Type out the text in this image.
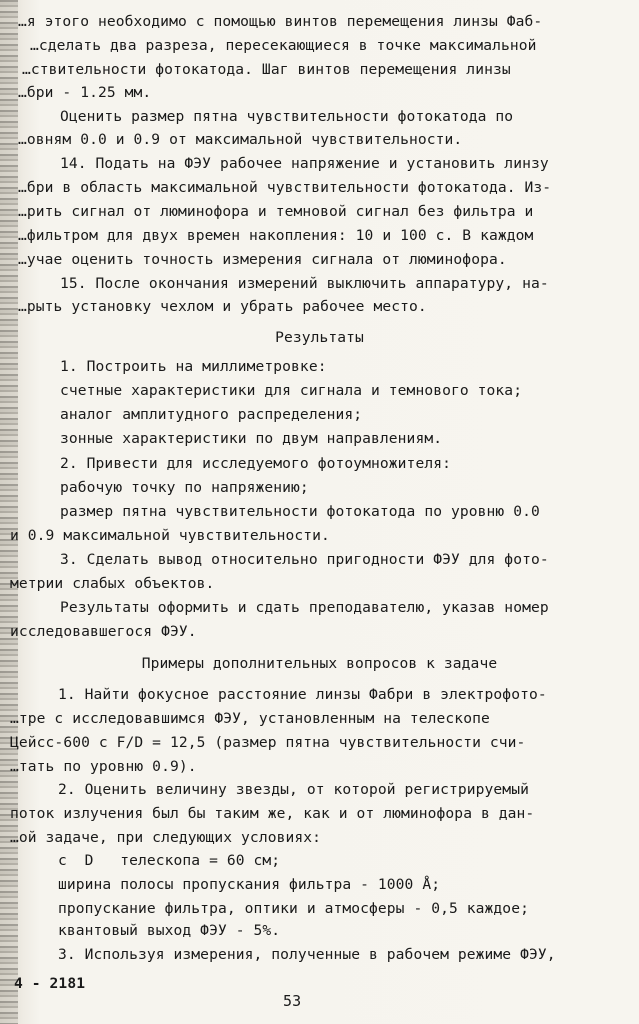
…я этого необходимо с помощью винтов перемещения линзы Фаб-
…сделать два разреза, пересекающиеся в точке максимальной
…ствительности фотокатода. Шаг винтов перемещения линзы
…бри - 1.25 мм.
Оценить размер пятна чувствительности фотокатода по
…овням 0.0 и 0.9 от максимальной чувствительности.
14. Подать на ФЭУ рабочее напряжение и установить линзу
…бри в область максимальной чувствительности фотокатода. Из-
…рить сигнал от люминофора и темновой сигнал без фильтра и
…фильтром для двух времен накопления: 10 и 100 с. В каждом
…учае оценить точность измерения сигнала от люминофора.
15. После окончания измерений выключить аппаратуру, на-
…рыть установку чехлом и убрать рабочее место.
Результаты
1. Построить на миллиметровке:
счетные характеристики для сигнала и темнового тока;
аналог амплитудного распределения;
зонные характеристики по двум направлениям.
2. Привести для исследуемого фотоумножителя:
рабочую точку по напряжению;
размер пятна чувствительности фотокатода по уровню 0.0
и 0.9 максимальной чувствительности.
3. Сделать вывод относительно пригодности ФЭУ для фото-
метрии слабых объектов.
Результаты оформить и сдать преподавателю, указав номер
исследовавшегося ФЭУ.
Примеры дополнительных вопросов к задаче
1. Найти фокусное расстояние линзы Фабри в электрофото-
…тре с исследовавшимся ФЭУ, установленным на телескопе
Цейсс-600 с F/D = 12,5 (размер пятна чувствительности счи-
…тать по уровню 0.9).
2. Оценить величину звезды, от которой регистрируемый
поток излучения был бы таким же, как и от люминофора в дан-
…ой задаче, при следующих условиях:
с  D   телескопа = 60 см;
ширина полосы пропускания фильтра - 1000 Å;
пропускание фильтра, оптики и атмосферы - 0,5 каждое;
квантовый выход ФЭУ - 5%.
3. Используя измерения, полученные в рабочем режиме ФЭУ,
4 - 2181
53
